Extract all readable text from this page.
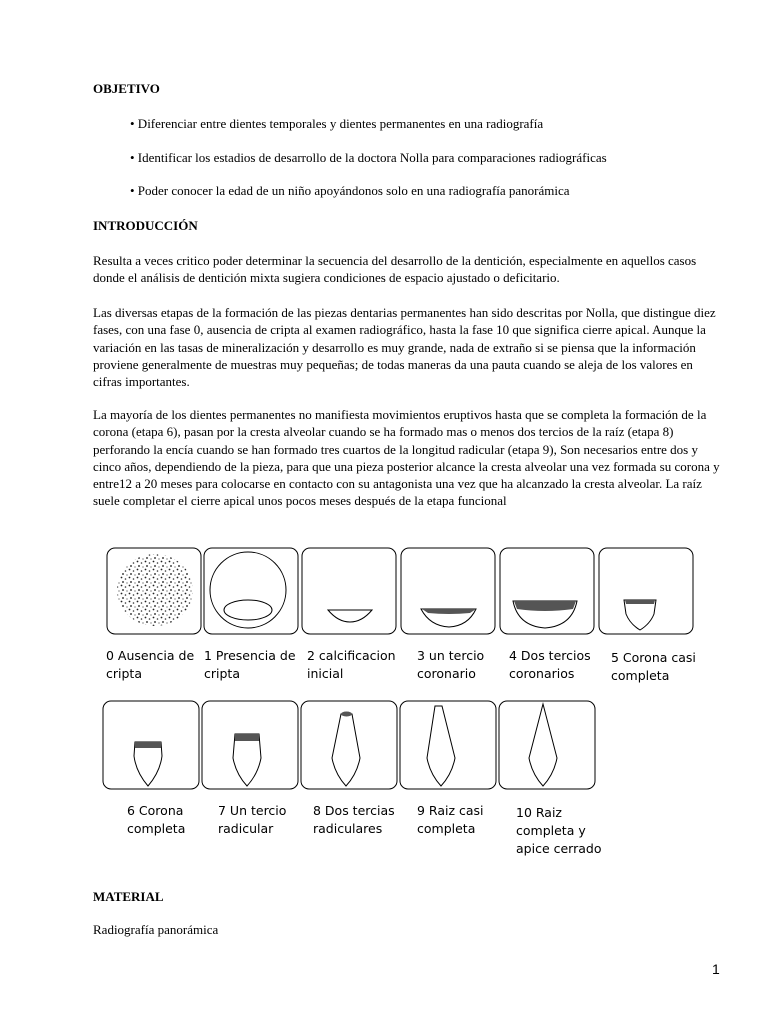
OBJETIVO
• Diferenciar entre dientes temporales y dientes permanentes en una radiografía
• Identificar los estadios de desarrollo de la doctora Nolla para comparaciones radiográficas
• Poder conocer la edad de un niño apoyándonos solo en una radiografía panorámica
INTRODUCCIÓN

Resulta a veces critico poder determinar la secuencia del desarrollo de la dentición, especialmente en aquellos casos donde el análisis de dentición mixta sugiera condiciones de espacio ajustado o deficitario.

Las diversas etapas de la formación de las piezas dentarias permanentes han sido descritas por Nolla, que distingue diez fases, con una fase 0, ausencia de cripta al examen radiográfico, hasta la fase 10 que significa cierre apical. Aunque la variación en las tasas de mineralización y desarrollo es muy grande, nada de extraño si se piensa que la información proviene generalmente de muestras muy pequeñas; de todas maneras da una pauta cuando se aleja de los valores en cifras importantes.

La mayoría de los dientes permanentes no manifiesta movimientos eruptivos hasta que se completa la formación de la corona (etapa 6), pasan por la cresta alveolar cuando se ha formado mas o menos dos tercios de la raíz (etapa 8) perforando la encía cuando se han formado tres cuartos de la longitud radicular (etapa 9), Son necesarios entre dos y cinco años, dependiendo de la pieza, para que una pieza posterior alcance la cresta alveolar una vez formada su corona y entre12 a 20 meses para colocarse en contacto con su antagonista una vez que ha alcanzado la cresta alveolar. La raíz suele completar el cierre apical unos pocos meses después de la etapa funcional

0 Ausencia de
cripta
1 Presencia de
cripta
2 calcificacion
inicial
3 un tercio
coronario
4 Dos tercios
coronarios
5 Corona casi
completa
6 Corona
completa
7 Un tercio
radicular
8 Dos tercias
radiculares
9 Raiz casi
completa
10 Raiz
completa y
apice cerrado
MATERIAL
Radiografía panorámica
1
